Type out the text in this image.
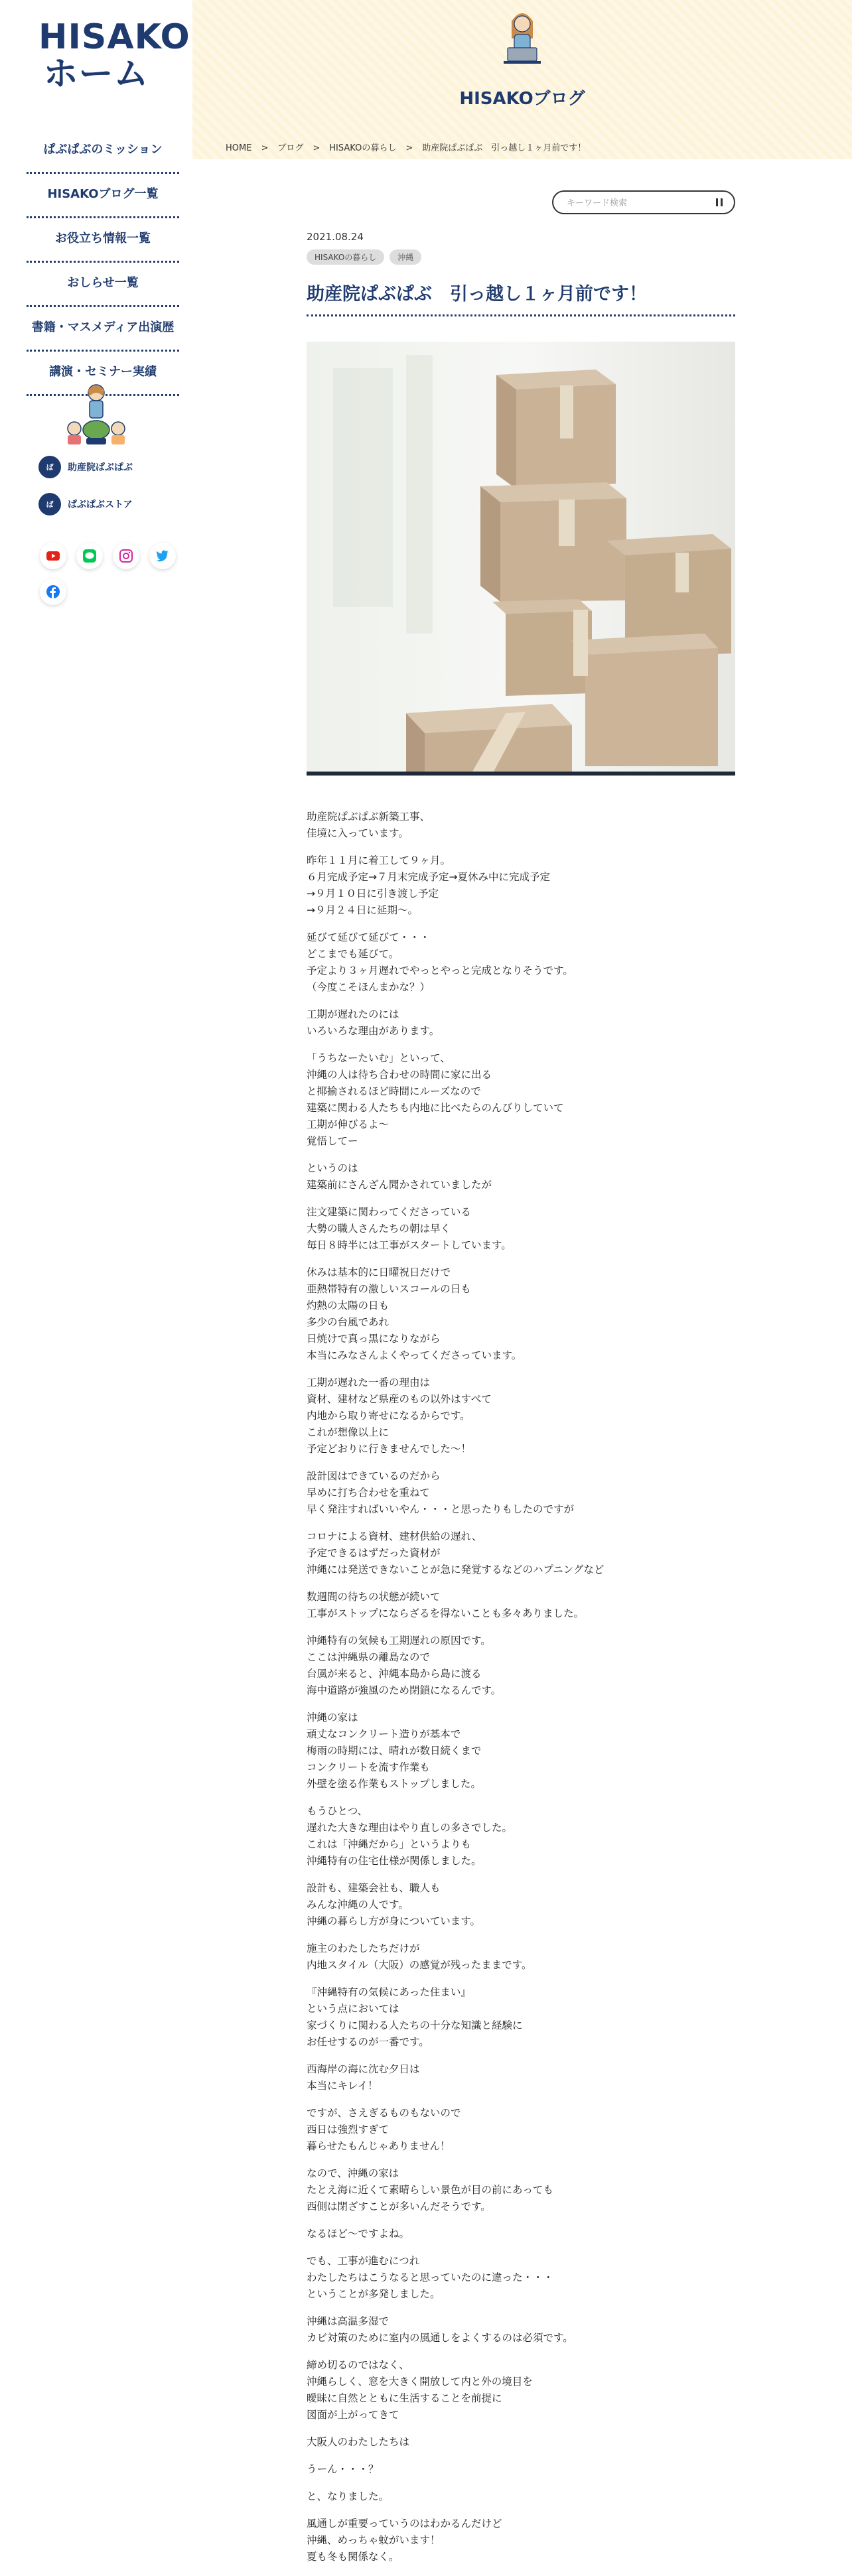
HISAKO
ホーム
ぱぶぱぶのミッション
HISAKOブログ一覧
お役立ち情報一覧
おしらせ一覧
書籍・マスメディア出演歴
講演・セミナー実績
ぱ	助産院ぱぶぱぶ
ぱ	ぱぶぱぶストア
HISAKOブログ
HOME > ブログ > HISAKOの暮らし > 助産院ぱぶぱぶ　引っ越し１ヶ月前です！
キーワード検索
2021.08.24
HISAKOの暮らし	沖縄
助産院ぱぶぱぶ　引っ越し１ヶ月前です！

助産院ぱぶぱぶ新築工事、
佳境に入っています。

昨年１１月に着工して９ヶ月。
６月完成予定→７月末完成予定→夏休み中に完成予定
→９月１０日に引き渡し予定
→９月２４日に延期〜。

延びて延びて延びて・・・
どこまでも延びて。
予定より３ヶ月遅れでやっとやっと完成となりそうです。
（今度こそほんまかな？）

工期が遅れたのには
いろいろな理由があります。

「うちなーたいむ」といって、
沖縄の人は待ち合わせの時間に家に出る
と揶揄されるほど時間にルーズなので
建築に関わる人たちも内地に比べたらのんびりしていて
工期が伸びるよ〜
覚悟してー

というのは
建築前にさんざん聞かされていましたが

注文建築に関わってくださっている
大勢の職人さんたちの朝は早く
毎日８時半には工事がスタートしています。

休みは基本的に日曜祝日だけで
亜熱帯特有の激しいスコールの日も
灼熱の太陽の日も
多少の台風であれ
日焼けで真っ黒になりながら
本当にみなさんよくやってくださっています。

工期が遅れた一番の理由は
資材、建材など県産のもの以外はすべて
内地から取り寄せになるからです。
これが想像以上に
予定どおりに行きませんでした〜！

設計図はできているのだから
早めに打ち合わせを重ねて
早く発注すればいいやん・・・と思ったりもしたのですが

コロナによる資材、建材供給の遅れ、
予定できるはずだった資材が
沖縄には発送できないことが急に発覚するなどのハプニングなど

数週間の待ちの状態が続いて
工事がストップにならざるを得ないことも多々ありました。

沖縄特有の気候も工期遅れの原因です。
ここは沖縄県の離島なので
台風が来ると、沖縄本島から島に渡る
海中道路が強風のため閉鎖になるんです。

沖縄の家は
頑丈なコンクリート造りが基本で
梅雨の時期には、晴れが数日続くまで
コンクリートを流す作業も
外壁を塗る作業もストップしました。

もうひとつ、
遅れた大きな理由はやり直しの多さでした。
これは「沖縄だから」というよりも
沖縄特有の住宅仕様が関係しました。

設計も、建築会社も、職人も
みんな沖縄の人です。
沖縄の暮らし方が身についています。

施主のわたしたちだけが
内地スタイル（大阪）の感覚が残ったままです。

『沖縄特有の気候にあった住まい』
という点においては
家づくりに関わる人たちの十分な知識と経験に
お任せするのが一番です。

西海岸の海に沈む夕日は
本当にキレイ！

ですが、さえぎるものもないので
西日は強烈すぎて
暮らせたもんじゃありません！

なので、沖縄の家は
たとえ海に近くて素晴らしい景色が目の前にあっても
西側は閉ざすことが多いんだそうです。

なるほど〜ですよね。

でも、工事が進むにつれ
わたしたちはこうなると思っていたのに違った・・・
ということが多発しました。

沖縄は高温多湿で
カビ対策のために室内の風通しをよくするのは必須です。

締め切るのではなく、
沖縄らしく、窓を大きく開放して内と外の境目を
曖昧に自然とともに生活することを前提に
図面が上がってきて

大阪人のわたしたちは

うーん・・・？

と、なりました。

風通しが重要っていうのはわかるんだけど
沖縄、めっちゃ蚊がいます！
夏も冬も関係なく。
